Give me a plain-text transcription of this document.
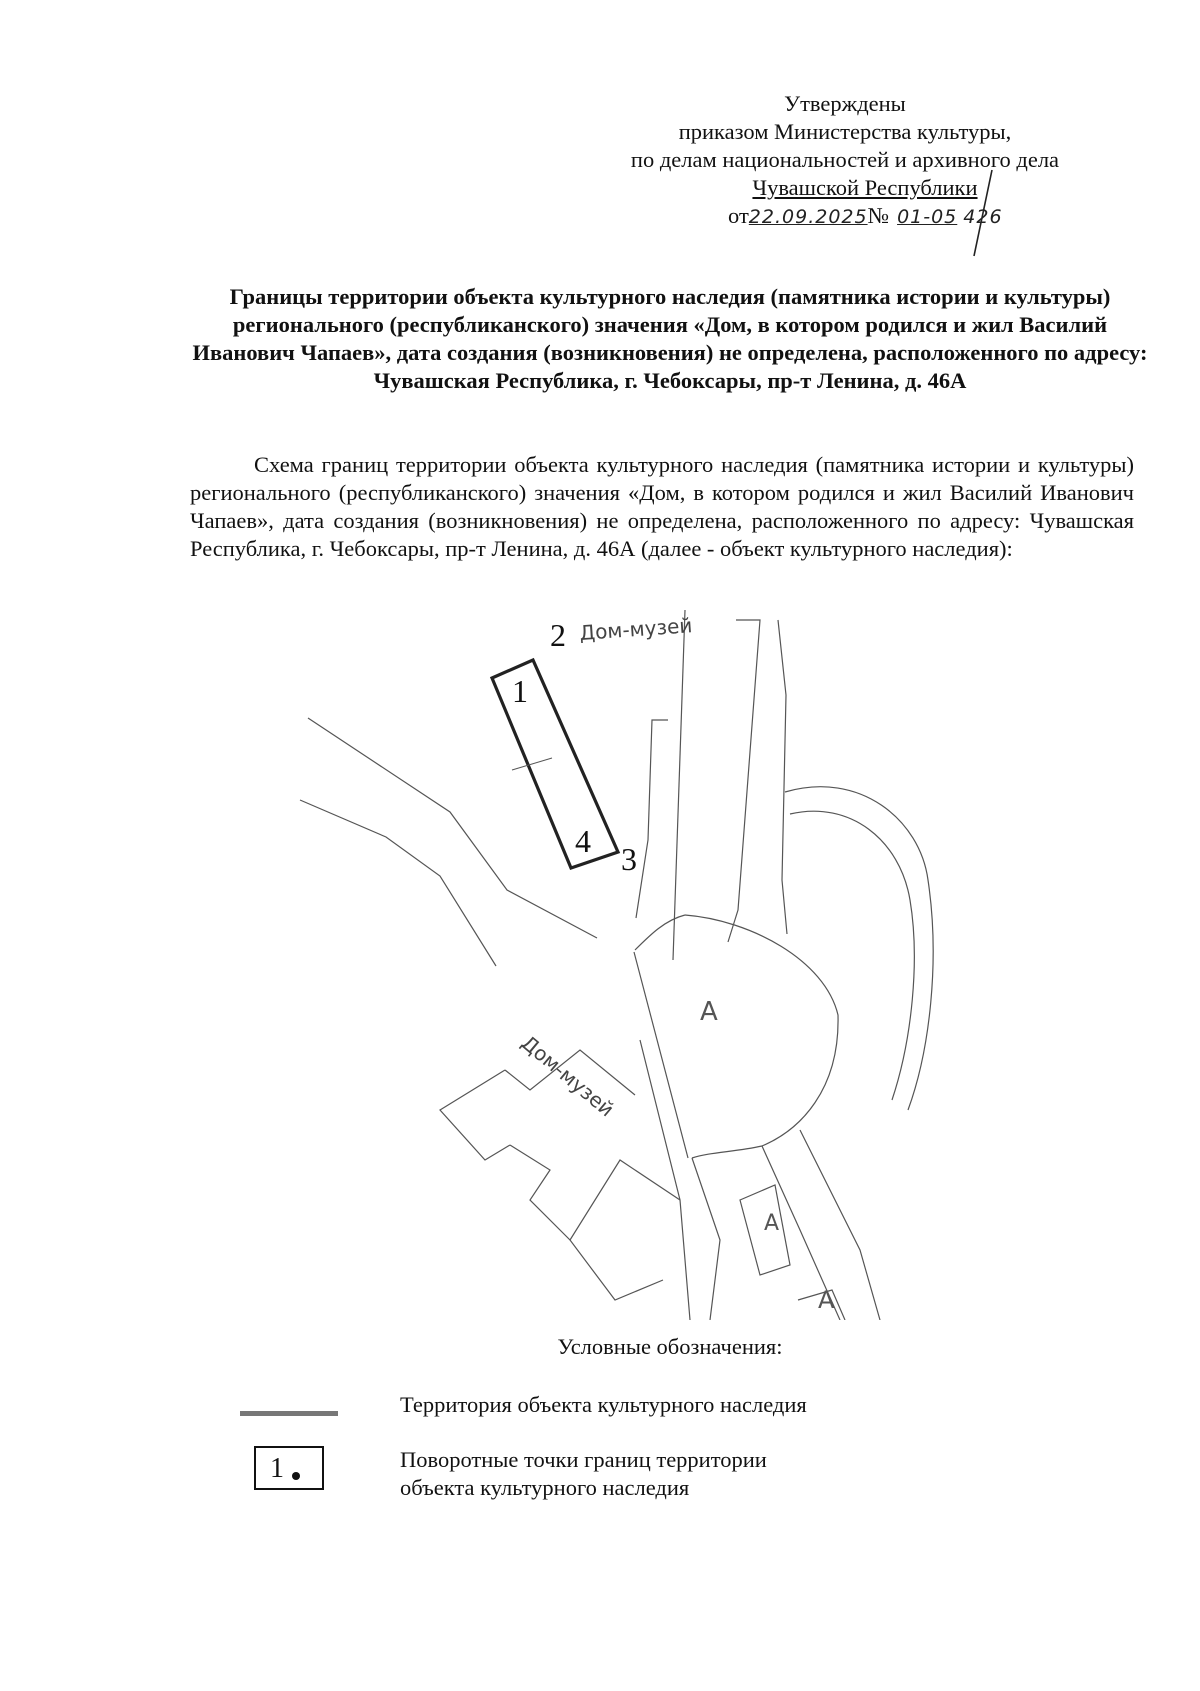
Утверждены
приказом Министерства культуры,
по делам национальностей и архивного дела
Чувашской Республики
от22.09.2025№ 01-05 426
Границы территории объекта культурного наследия (памятника истории и культуры) регионального (республиканского) значения «Дом, в котором родился и жил Василий Иванович Чапаев», дата создания (возникновения) не определена, расположенного по адресу: Чувашская Республика, г. Чебоксары, пр-т Ленина, д. 46А
Схема границ территории объекта культурного наследия (памятника истории и культуры) регионального (республиканского) значения «Дом, в котором родился и жил Василий Иванович Чапаев», дата создания (возникновения) не определена, расположенного по адресу: Чувашская Республика, г. Чебоксары, пр-т Ленина, д. 46А (далее - объект культурного наследия):
1
2
3
4
Дом-музей
Дом-музей
А
А
А
Условные обозначения:
Территория объекта культурного наследия
1	Поворотные точки границ территории
объекта культурного наследия
